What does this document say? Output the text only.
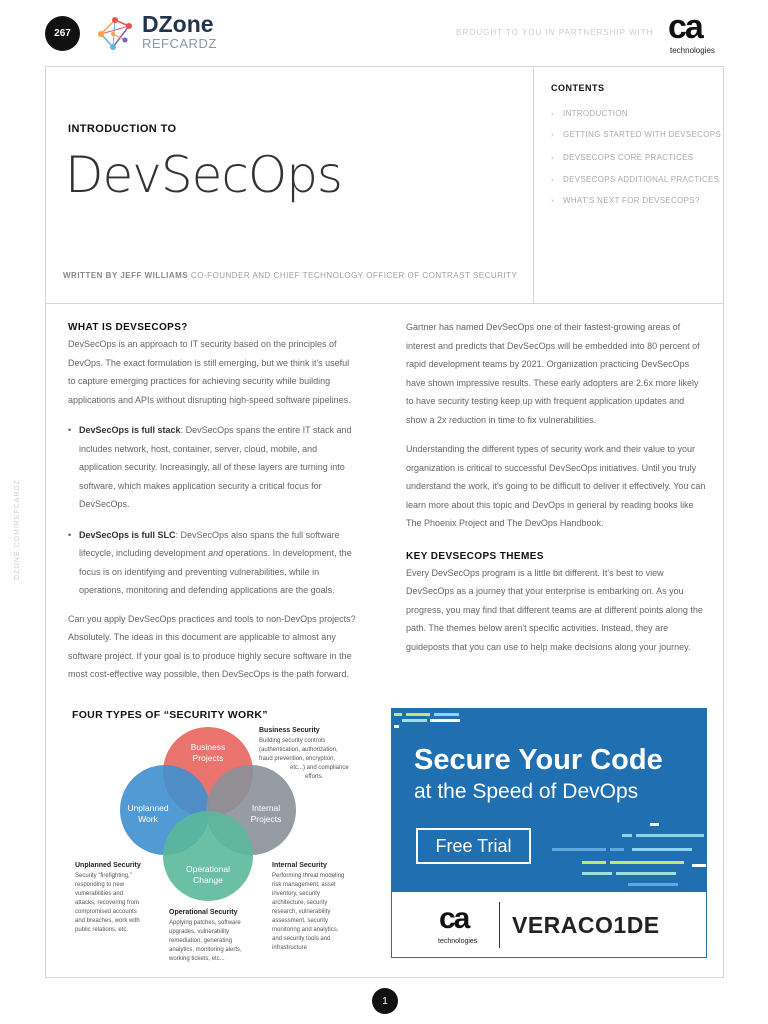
267	DZone
REFCARDZ
BROUGHT TO YOU IN PARTNERSHIP WITH ca
technologies
INTRODUCTION TO
DevSecOps
WRITTEN BY JEFF WILLIAMS CO-FOUNDER AND CHIEF TECHNOLOGY OFFICER OF CONTRAST SECURITY
CONTENTS
› INTRODUCTION
› GETTING STARTED WITH DEVSECOPS
› DEVSECOPS CORE PRACTICES
› DEVSECOPS ADDITIONAL PRACTICES
› WHAT'S NEXT FOR DEVSECOPS?
DZONE.COM/REFCARDZ
WHAT IS DEVSECOPS?

DevSecOps is an approach to IT security based on the principles of DevOps. The exact formulation is still emerging, but we think it's useful to capture emerging practices for achieving security while building applications and APIs without disrupting high-speed software pipelines.

• DevSecOps is full stack: DevSecOps spans the entire IT stack and includes network, host, container, server, cloud, mobile, and application security. Increasingly, all of these layers are turning into software, which makes application security a critical focus for DevSecOps.

• DevSecOps is full SLC: DevSecOps also spans the full software lifecycle, including development and operations. In development, the focus is on identifying and preventing vulnerabilities, while in operations, monitoring and defending applications are the goals.

Can you apply DevSecOps practices and tools to non-DevOps projects? Absolutely. The ideas in this document are applicable to almost any software project. If your goal is to produce highly secure software in the most cost-effective way possible, then DevSecOps is the path forward.

Gartner has named DevSecOps one of their fastest-growing areas of interest and predicts that DevSecOps will be embedded into 80 percent of rapid development teams by 2021. Organization practicing DevSecOps have shown impressive results. These early adopters are 2.6x more likely to have security testing keep up with frequent application updates and show a 2x reduction in time to fix vulnerabilities.

Understanding the different types of security work and their value to your organization is critical to successful DevSecOps initiatives. Until you truly understand the work, it's going to be difficult to deliver it effectively. You can learn more about this topic and DevOps in general by reading books like The Phoenix Project and The DevOps Handbook.

KEY DEVSECOPS THEMES

Every DevSecOps program is a little bit different. It's best to view DevSecOps as a journey that your enterprise is embarking on. As you progress, you may find that different teams are at different points along the path. The themes below aren't specific activities. Instead, they are guideposts that you can use to help make decisions along your journey.

FOUR TYPES OF “SECURITY WORK”
Business
Projects
Unplanned
Work
Internal
Projects
Operational
Change
Business Security
Building security controls
(authentication, authorization,
fraud prevention, encryption,
etc...) and compliance
efforts.
Unplanned Security
Security “firefighting,”
responding to new
vulnerabilities and
attacks, recovering from
compromised accounts
and breaches, work with
public relations, etc.
Internal Security
Performing threat modeling
risk management, asset
inventory, security
architecture, security
research, vulnerability
assessment, security
monitoring and analytics,
and security tools and
infrastructure
Operational Security
Applying patches, software
upgrades, vulnerability
remediation, generating
analytics, monitoring alerts,
working tickets, etc...
Secure Your Code
at the Speed of DevOps
Free Trial
ca
technologies
VERACO1DE
1
